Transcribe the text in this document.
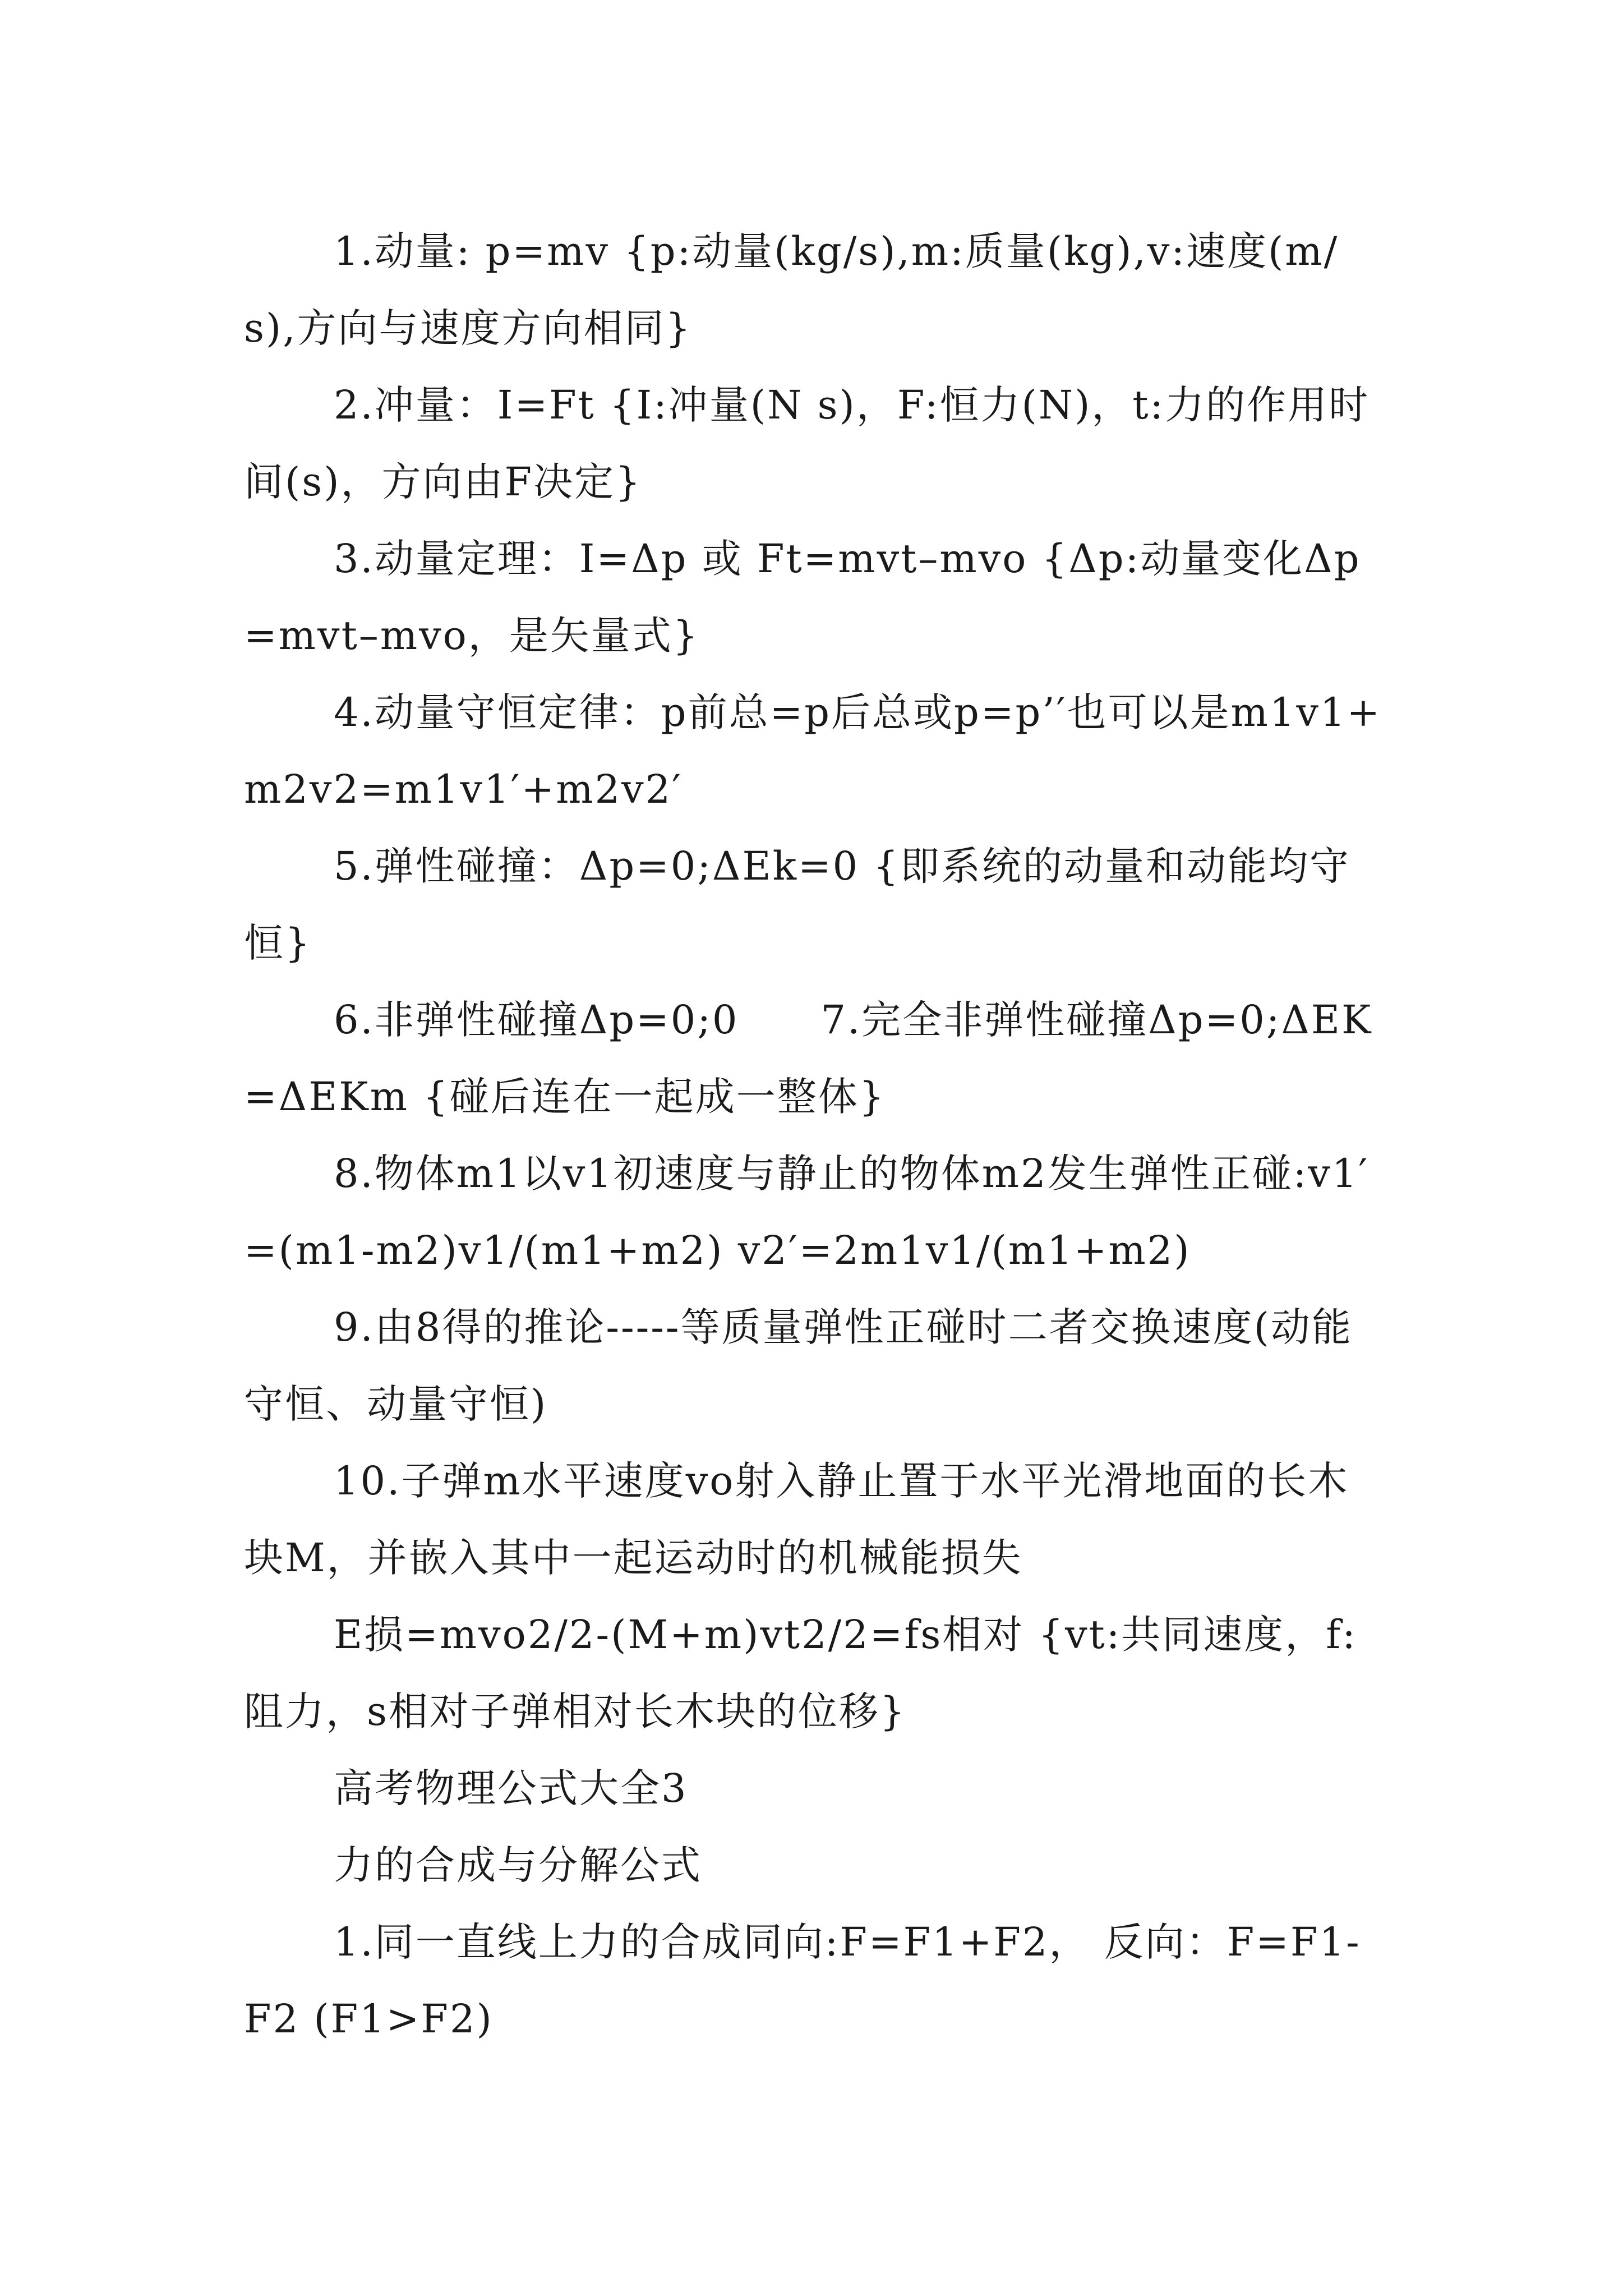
1.动量: p=mv {p:动量(kg/s),m:质量(kg),v:速度(m/s),方向与速度方向相同}

2.冲量：I=Ft {I:冲量(N s)，F:恒力(N)，t:力的作用时间(s)，方向由F决定}

3.动量定理：I=Δp 或 Ft=mvt–mvo {Δp:动量变化Δp=mvt–mvo，是矢量式}

4.动量守恒定律：p前总=p后总或p=p’′也可以是m1v1+m2v2=m1v1′+m2v2′

5.弹性碰撞：Δp=0;ΔEk=0 {即系统的动量和动能均守恒}

6.非弹性碰撞Δp=0;0　　7.完全非弹性碰撞Δp=0;ΔEK=ΔEKm {碰后连在一起成一整体}

8.物体m1以v1初速度与静止的物体m2发生弹性正碰:v1′=(m1-m2)v1/(m1+m2) v2′=2m1v1/(m1+m2)

9.由8得的推论-----等质量弹性正碰时二者交换速度(动能守恒、动量守恒)

10.子弹m水平速度vo射入静止置于水平光滑地面的长木块M，并嵌入其中一起运动时的机械能损失

E损=mvo2/2-(M+m)vt2/2=fs相对 {vt:共同速度，f:阻力，s相对子弹相对长木块的位移}

高考物理公式大全3

力的合成与分解公式

1.同一直线上力的合成同向:F=F1+F2， 反向：F=F1-F2 (F1>F2)
